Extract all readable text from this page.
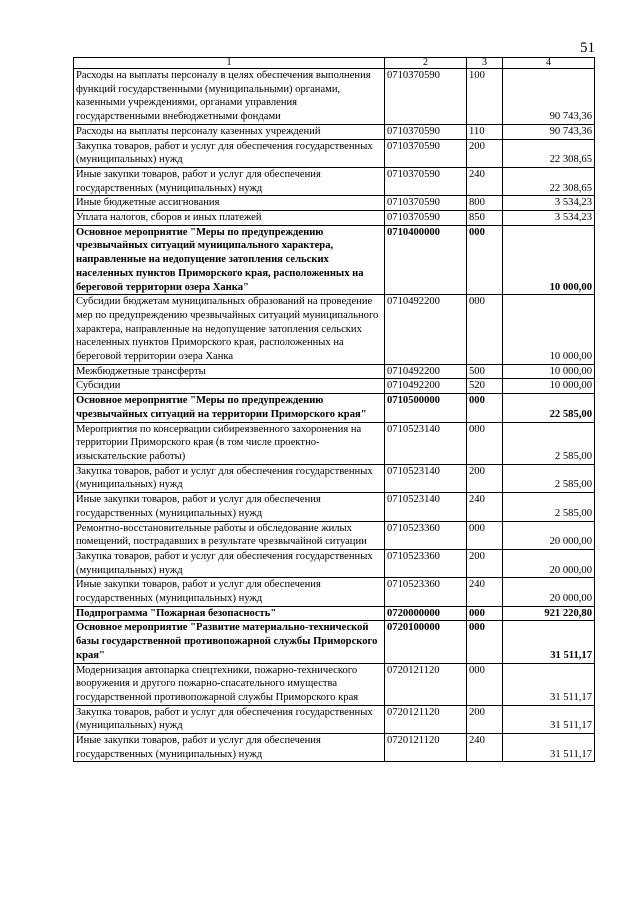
51
1	2	3	4
Расходы на выплаты персоналу в целях обеспечения выполнения функций государственными (муниципальными) органами, казенными учреждениями, органами управления государственными внебюджетными фондами	0710370590	100	90 743,36
Расходы на выплаты персоналу казенных учреждений	0710370590	110	90 743,36
Закупка товаров, работ и услуг для обеспечения государственных (муниципальных) нужд	0710370590	200	22 308,65
Иные закупки товаров, работ и услуг для обеспечения государственных (муниципальных) нужд	0710370590	240	22 308,65
Иные бюджетные ассигнования	0710370590	800	3 534,23
Уплата налогов, сборов и иных платежей	0710370590	850	3 534,23
Основное мероприятие "Меры по предупреждению чрезвычайных ситуаций муниципального характера, направленные на недопущение затопления сельских населенных пунктов Приморского края, расположенных на береговой территории озера Ханка"	0710400000	000	10 000,00
Субсидии бюджетам муниципальных образований на проведение мер по предупреждению чрезвычайных ситуаций муниципального характера, направленные на недопущение затопления сельских населенных пунктов Приморского края, расположенных на береговой территории озера Ханка	0710492200	000	10 000,00
Межбюджетные трансферты	0710492200	500	10 000,00
Субсидии	0710492200	520	10 000,00
Основное мероприятие "Меры по предупреждению чрезвычайных ситуаций на территории Приморского края"	0710500000	000	22 585,00
Мероприятия по консервации сибиреязвенного захоронения на территории Приморского края (в том числе проектно-изыскательские работы)	0710523140	000	2 585,00
Закупка товаров, работ и услуг для обеспечения государственных (муниципальных) нужд	0710523140	200	2 585,00
Иные закупки товаров, работ и услуг для обеспечения государственных (муниципальных) нужд	0710523140	240	2 585,00
Ремонтно-восстановительные работы и обследование жилых помещений, пострадавших в результате чрезвычайной ситуации	0710523360	000	20 000,00
Закупка товаров, работ и услуг для обеспечения государственных (муниципальных) нужд	0710523360	200	20 000,00
Иные закупки товаров, работ и услуг для обеспечения государственных (муниципальных) нужд	0710523360	240	20 000,00
Подпрограмма "Пожарная безопасность"	0720000000	000	921 220,80
Основное мероприятие "Развитие материально-технической базы государственной противопожарной службы Приморского края"	0720100000	000	31 511,17
Модернизация автопарка спецтехники, пожарно-технического вооружения и другого пожарно-спасательного имущества государственной противопожарной службы Приморского края	0720121120	000	31 511,17
Закупка товаров, работ и услуг для обеспечения государственных (муниципальных) нужд	0720121120	200	31 511,17
Иные закупки товаров, работ и услуг для обеспечения государственных (муниципальных) нужд	0720121120	240	31 511,17
